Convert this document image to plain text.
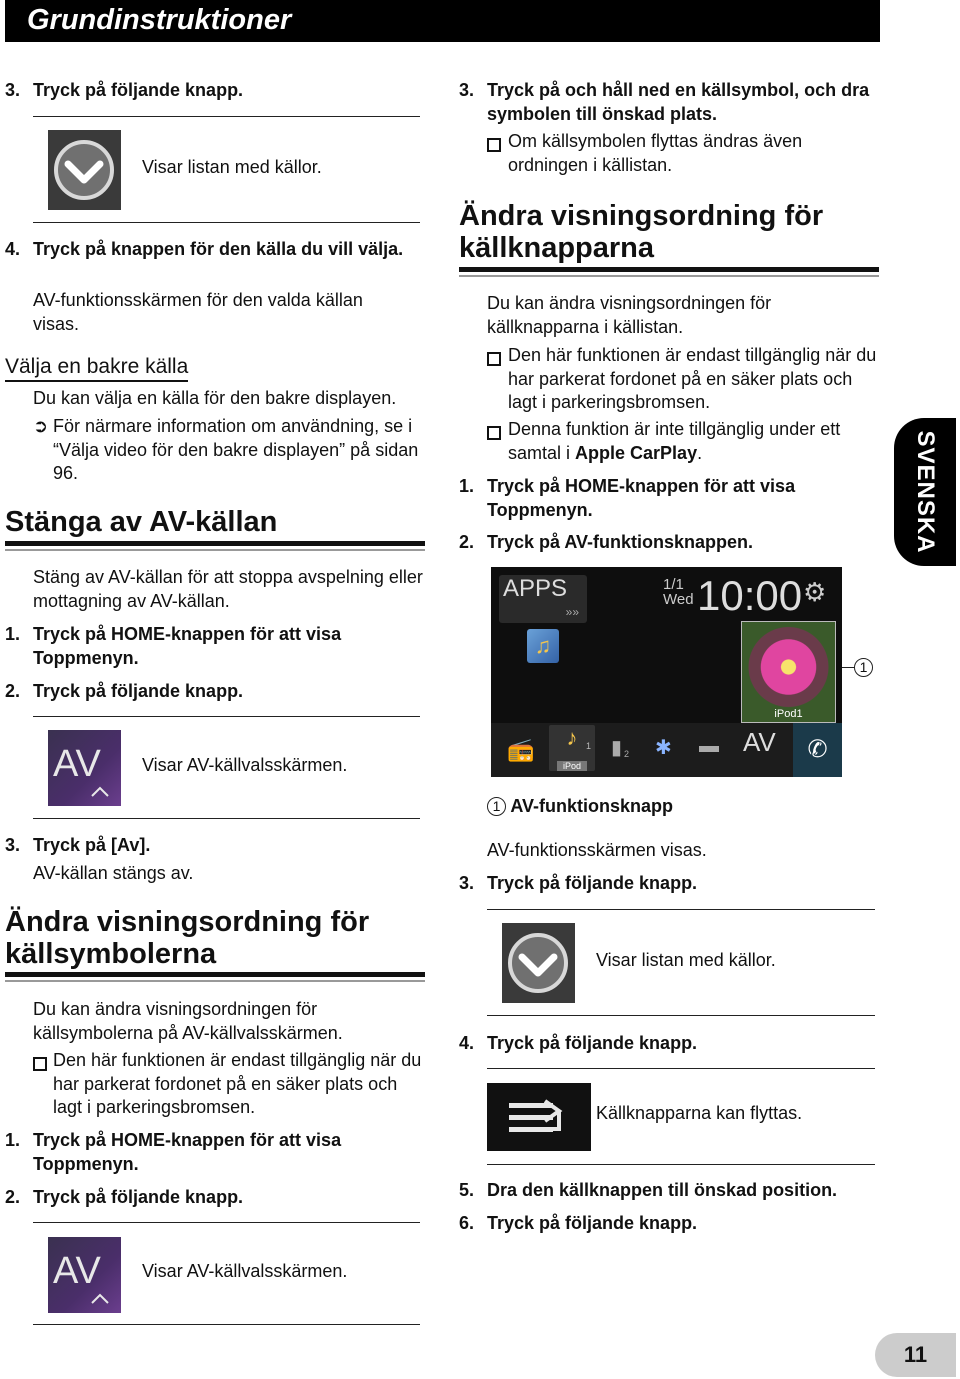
Grundinstruktioner
3. Tryck på följande knapp.
Visar listan med källor.
4. Tryck på knappen för den källa du vill välja.
AV-funktionsskärmen för den valda källan visas.
Välja en bakre källa
Du kan välja en källa för den bakre displayen.
➲ För närmare information om användning, se i “Välja video för den bakre displayen” på sidan 96.
Stänga av AV-källan
Stäng av AV-källan för att stoppa avspelning eller mottagning av AV-källan.
1. Tryck på HOME-knappen för att visa Toppmenyn.
2. Tryck på följande knapp.
AV Visar AV-källvalsskärmen.
3. Tryck på [Av].
AV-källan stängs av.
Ändra visningsordning för
källsymbolerna
Du kan ändra visningsordningen för källsymbolerna på AV-källvalsskärmen.
Den här funktionen är endast tillgänglig när du har parkerat fordonet på en säker plats och lagt i parkeringsbromsen.
1. Tryck på HOME-knappen för att visa Toppmenyn.
2. Tryck på följande knapp.
AV Visar AV-källvalsskärmen.
3. Tryck på och håll ned en källsymbol, och dra symbolen till önskad plats.
Om källsymbolen flyttas ändras även ordningen i källistan.
Ändra visningsordning för
källknapparna
Du kan ändra visningsordningen för källknapparna i källistan.
Den här funktionen är endast tillgänglig när du har parkerat fordonet på en säker plats och lagt i parkeringsbromsen.
Denna funktion är inte tillgänglig under ett samtal i Apple CarPlay.
1. Tryck på HOME-knappen för att visa Toppmenyn.
2. Tryck på AV-funktionsknappen.
APPS
»»
♫
1/1
Wed 10:00 ⚙
iPod1
📻	♪ 1
iPod
▮ 2 ✱ ▬ AV	✆
1
1 AV-funktionsknapp
AV-funktionsskärmen visas.
3. Tryck på följande knapp.
Visar listan med källor.
4. Tryck på följande knapp.
Källknapparna kan flyttas.
5. Dra den källknappen till önskad position.
6. Tryck på följande knapp.
SVENSKA
11
